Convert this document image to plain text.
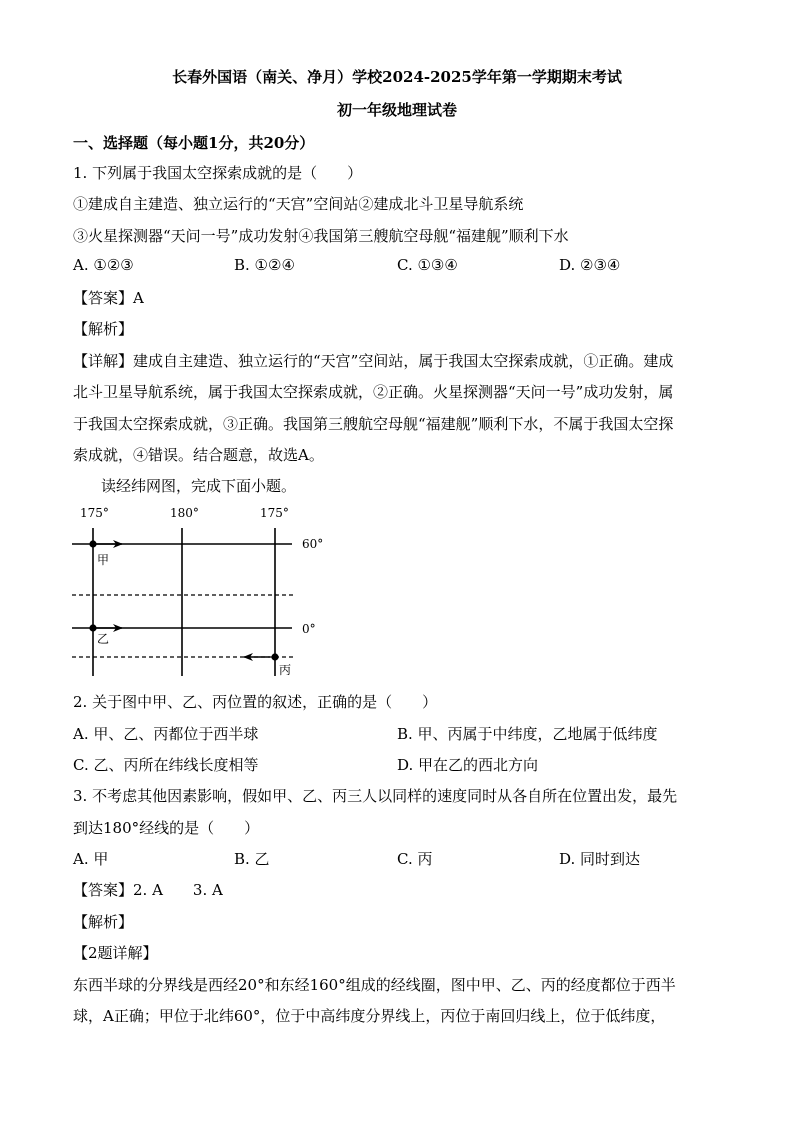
长春外国语（南关、净月）学校2024-2025学年第一学期期末考试
初一年级地理试卷
一、选择题（每小题1分，共20分）
1. 下列属于我国太空探索成就的是（　　）
①建成自主建造、独立运行的“天宫”空间站②建成北斗卫星导航系统
③火星探测器“天问一号”成功发射④我国第三艘航空母舰“福建舰”顺利下水
A. ①②③	B. ①②④	C. ①③④	D. ②③④
【答案】A
【解析】
【详解】建成自主建造、独立运行的“天宫”空间站，属于我国太空探索成就，①正确。建成
北斗卫星导航系统，属于我国太空探索成就，②正确。火星探测器“天问一号”成功发射，属
于我国太空探索成就，③正确。我国第三艘航空母舰“福建舰”顺利下水，不属于我国太空探
索成就，④错误。结合题意，故选A。
读经纬网图，完成下面小题。
175°	180°	175°
60°
0°
甲
乙
丙
2. 关于图中甲、乙、丙位置的叙述，正确的是（　　）
A. 甲、乙、丙都位于西半球	B. 甲、丙属于中纬度，乙地属于低纬度
C. 乙、丙所在纬线长度相等	D. 甲在乙的西北方向
3. 不考虑其他因素影响，假如甲、乙、丙三人以同样的速度同时从各自所在位置出发，最先
到达180°经线的是（　　）
A. 甲	B. 乙	C. 丙	D. 同时到达
【答案】2. A　　3. A
【解析】
【2题详解】
东西半球的分界线是西经20°和东经160°组成的经线圈，图中甲、乙、丙的经度都位于西半
球，A正确；甲位于北纬60°，位于中高纬度分界线上，丙位于南回归线上，位于低纬度，
